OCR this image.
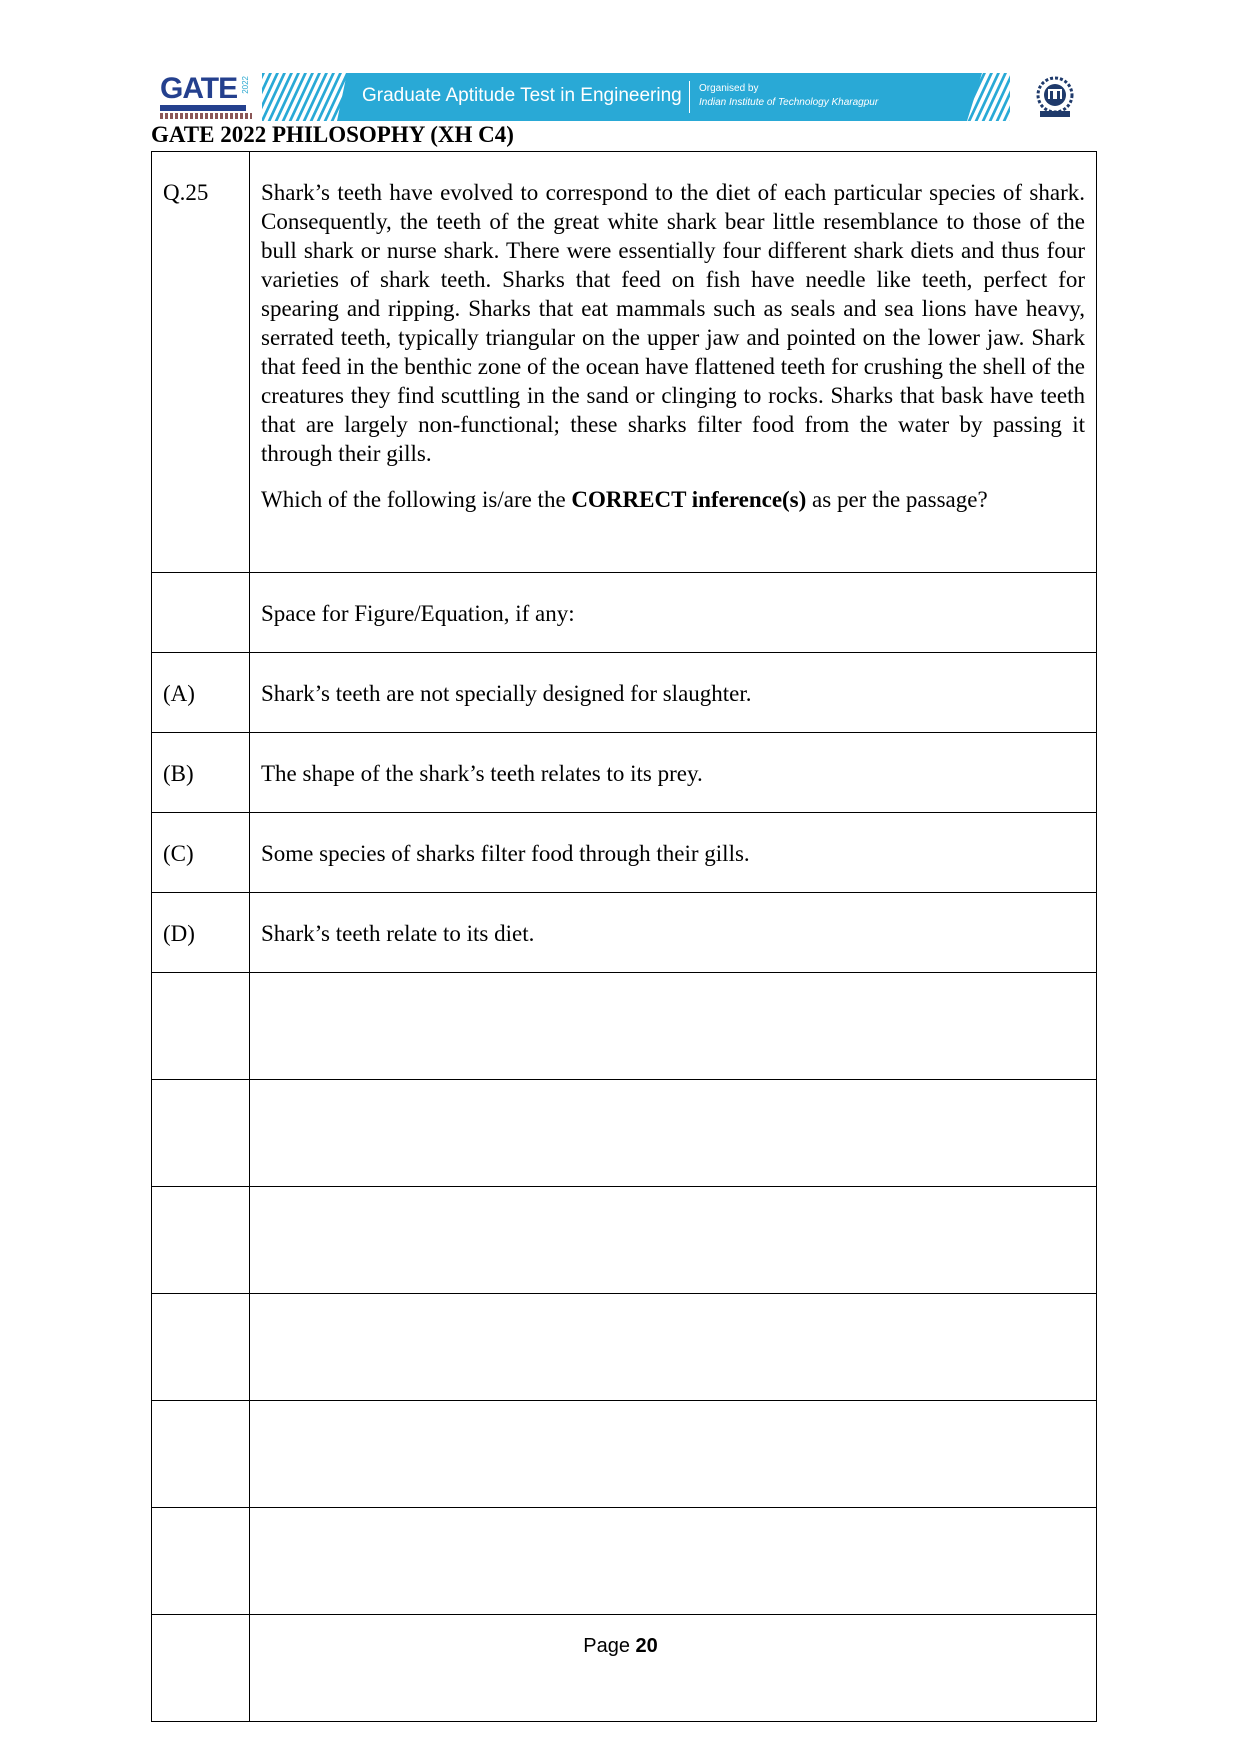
GATE 2022
Graduate Aptitude Test in Engineering Organised by
Indian Institute of Technology Kharagpur
GATE 2022 PHILOSOPHY (XH C4)
Q.25	Shark’s teeth have evolved to correspond to the diet of each particular species of shark. Consequently, the teeth of the great white shark bear little resemblance to those of the bull shark or nurse shark. There were essentially four different shark diets and thus four varieties of shark teeth. Sharks that feed on fish have needle like teeth, perfect for spearing and ripping. Sharks that eat mammals such as seals and sea lions have heavy, serrated teeth, typically triangular on the upper jaw and pointed on the lower jaw. Shark that feed in the benthic zone of the ocean have flattened teeth for crushing the shell of the creatures they find scuttling in the sand or clinging to rocks. Sharks that bask have teeth that are largely non-functional; these sharks filter food from the water by passing it through their gills.

Which of the following is/are the CORRECT inference(s) as per the passage?

	Space for Figure/Equation, if any:
(A)	Shark’s teeth are not specially designed for slaughter.
(B)	The shape of the shark’s teeth relates to its prey.
(C)	Some species of sharks filter food through their gills.
(D)	Shark’s teeth relate to its diet.

Page 20
